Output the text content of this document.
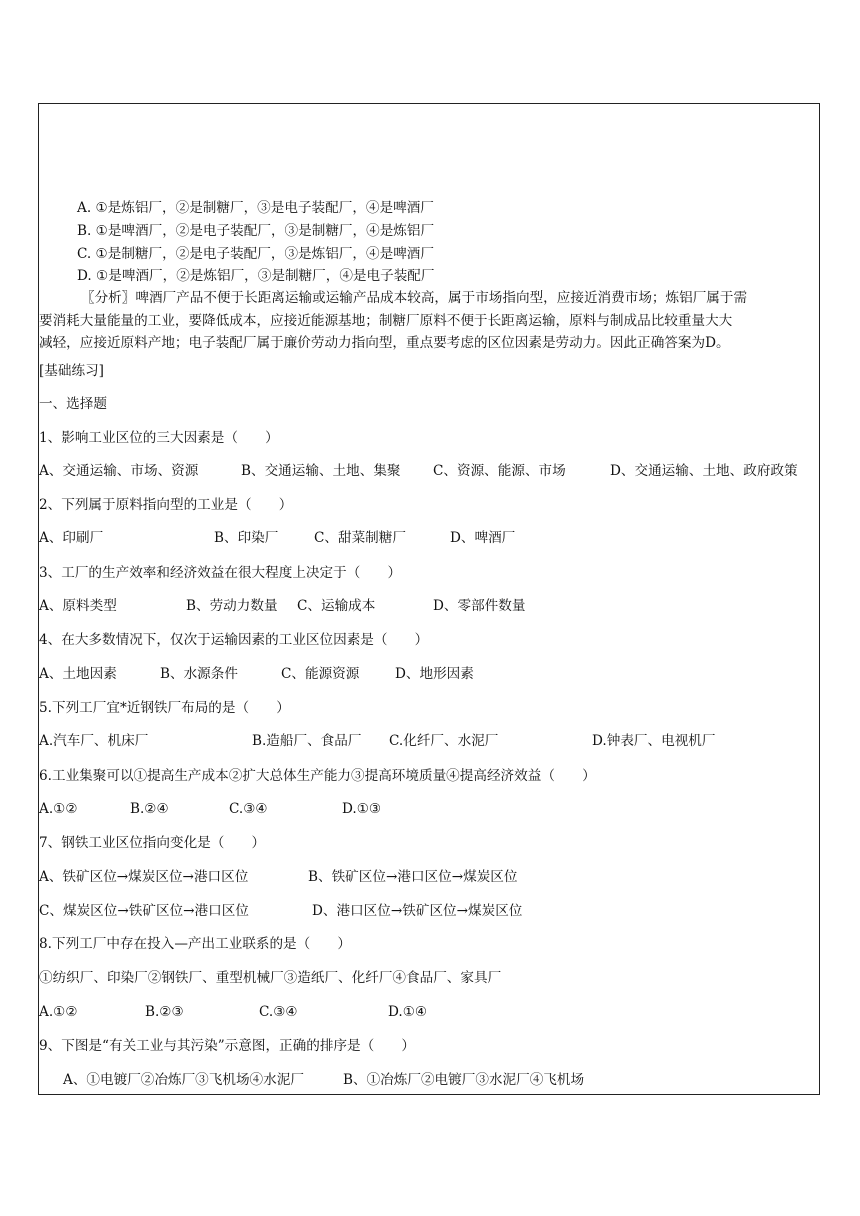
A. ①是炼铝厂，②是制糖厂，③是电子装配厂，④是啤酒厂
B. ①是啤酒厂，②是电子装配厂，③是制糖厂，④是炼铝厂
C. ①是制糖厂，②是电子装配厂，③是炼铝厂，④是啤酒厂
D. ①是啤酒厂，②是炼铝厂，③是制糖厂，④是电子装配厂

〖分析〗啤酒厂产品不便于长距离运输或运输产品成本较高，属于市场指向型，应接近消费市场；炼铝厂属于需

要消耗大量能量的工业，要降低成本，应接近能源基地；制糖厂原料不便于长距离运输，原料与制成品比较重量大大

减轻，应接近原料产地；电子装配厂属于廉价劳动力指向型，重点要考虑的区位因素是劳动力。因此正确答案为D。

[基础练习]
一、选择题
1、影响工业区位的三大因素是（　　）
A、交通运输、市场、资源	B、交通运输、土地、集聚 C、资源、能源、市场	D、交通运输、土地、政府政策
2、下列属于原料指向型的工业是（　　）
A、印刷厂	B、印染厂	C、甜菜制糖厂	D、啤酒厂
3、工厂的生产效率和经济效益在很大程度上决定于（　　）
A、原料类型	B、劳动力数量 C、运输成本	D、零部件数量
4、在大多数情况下，仅次于运输因素的工业区位因素是（　　）
A、土地因素	B、水源条件	C、能源资源	D、地形因素
5.下列工厂宜*近钢铁厂布局的是（　　）
A.汽车厂、机床厂	B.造船厂、食品厂 C.化纤厂、水泥厂	D.钟表厂、电视机厂
6.工业集聚可以①提高生产成本②扩大总体生产能力③提高环境质量④提高经济效益（　　）
A.①②	B.②④	C.③④	D.①③
7、钢铁工业区位指向变化是（　　）
A、铁矿区位→煤炭区位→港口区位	B、铁矿区位→港口区位→煤炭区位
C、煤炭区位→铁矿区位→港口区位	D、港口区位→铁矿区位→煤炭区位
8.下列工厂中存在投入—产出工业联系的是（　　）
①纺织厂、印染厂②钢铁厂、重型机械厂③造纸厂、化纤厂④食品厂、家具厂
A.①②	B.②③	C.③④	D.①④
9、下图是“有关工业与其污染”示意图，正确的排序是（　　）
A、①电镀厂②冶炼厂③飞机场④水泥厂	B、①冶炼厂②电镀厂③水泥厂④飞机场
